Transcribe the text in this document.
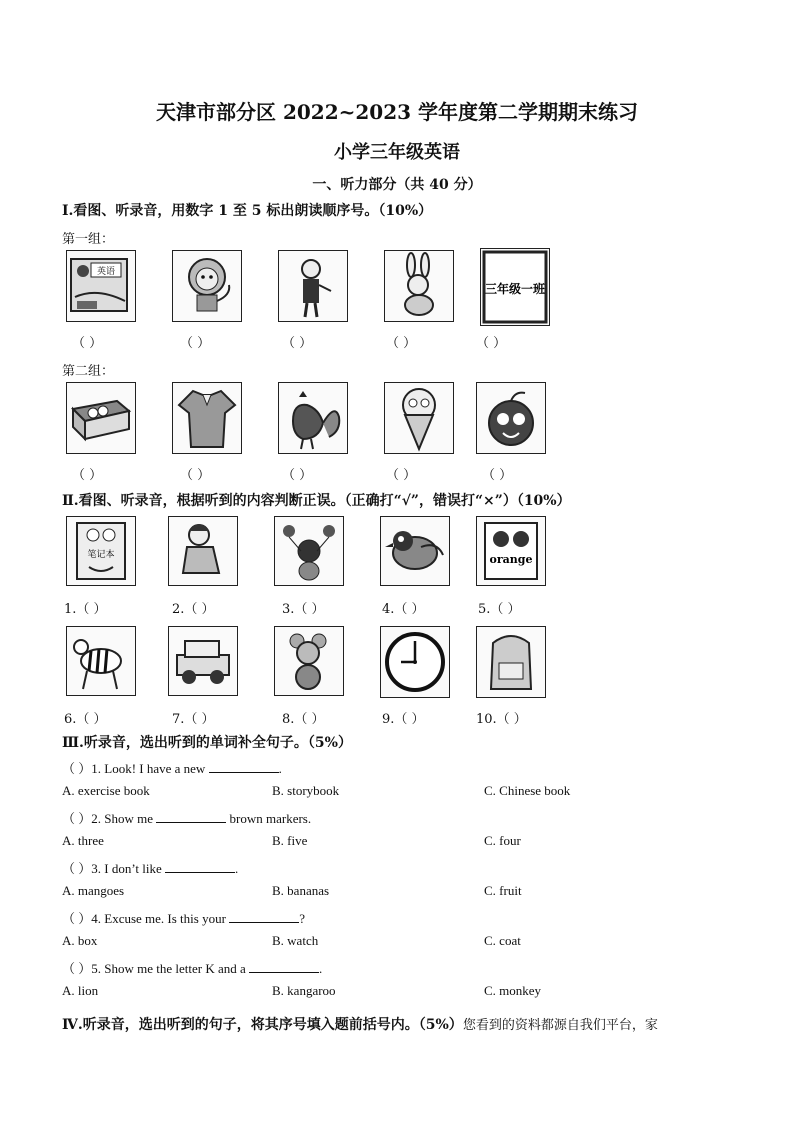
天津市部分区 2022~2023 学年度第二学期期末练习
小学三年级英语
一、听力部分（共 40 分）
Ⅰ.看图、听录音，用数字 1 至 5 标出朗读顺序号。（10%）
第一组：
英语
三年级一班
（ ）	（ ）	（ ）	（ ）	（ ）
第二组：
（ ）	（ ）	（ ）	（ ）	（ ）
Ⅱ.看图、听录音，根据听到的内容判断正误。（正确打“√”，错误打“×”）（10%）
笔记本	orange
1.（ ）	2.（ ）	3.（ ）	4.（ ）	5.（ ）
6.（ ）	7.（ ）	8.（ ）	9.（ ）	10.（ ）
Ⅲ.听录音，选出听到的单词补全句子。（5%）
（ ）1. Look! I have a new	.
A. exercise book	B. storybook	C. Chinese book
（ ）2. Show me	brown markers.
A. three	B. five	C. four
（ ）3. I don’t like	.
A. mangoes	B. bananas	C. fruit
（ ）4. Excuse me. Is this your	?
A. box	B. watch	C. coat
（ ）5. Show me the letter K and a	.
A. lion	B. kangaroo	C. monkey
Ⅳ.听录音，选出听到的句子，将其序号填入题前括号内。（5%）您看到的资料都源自我们平台，家
